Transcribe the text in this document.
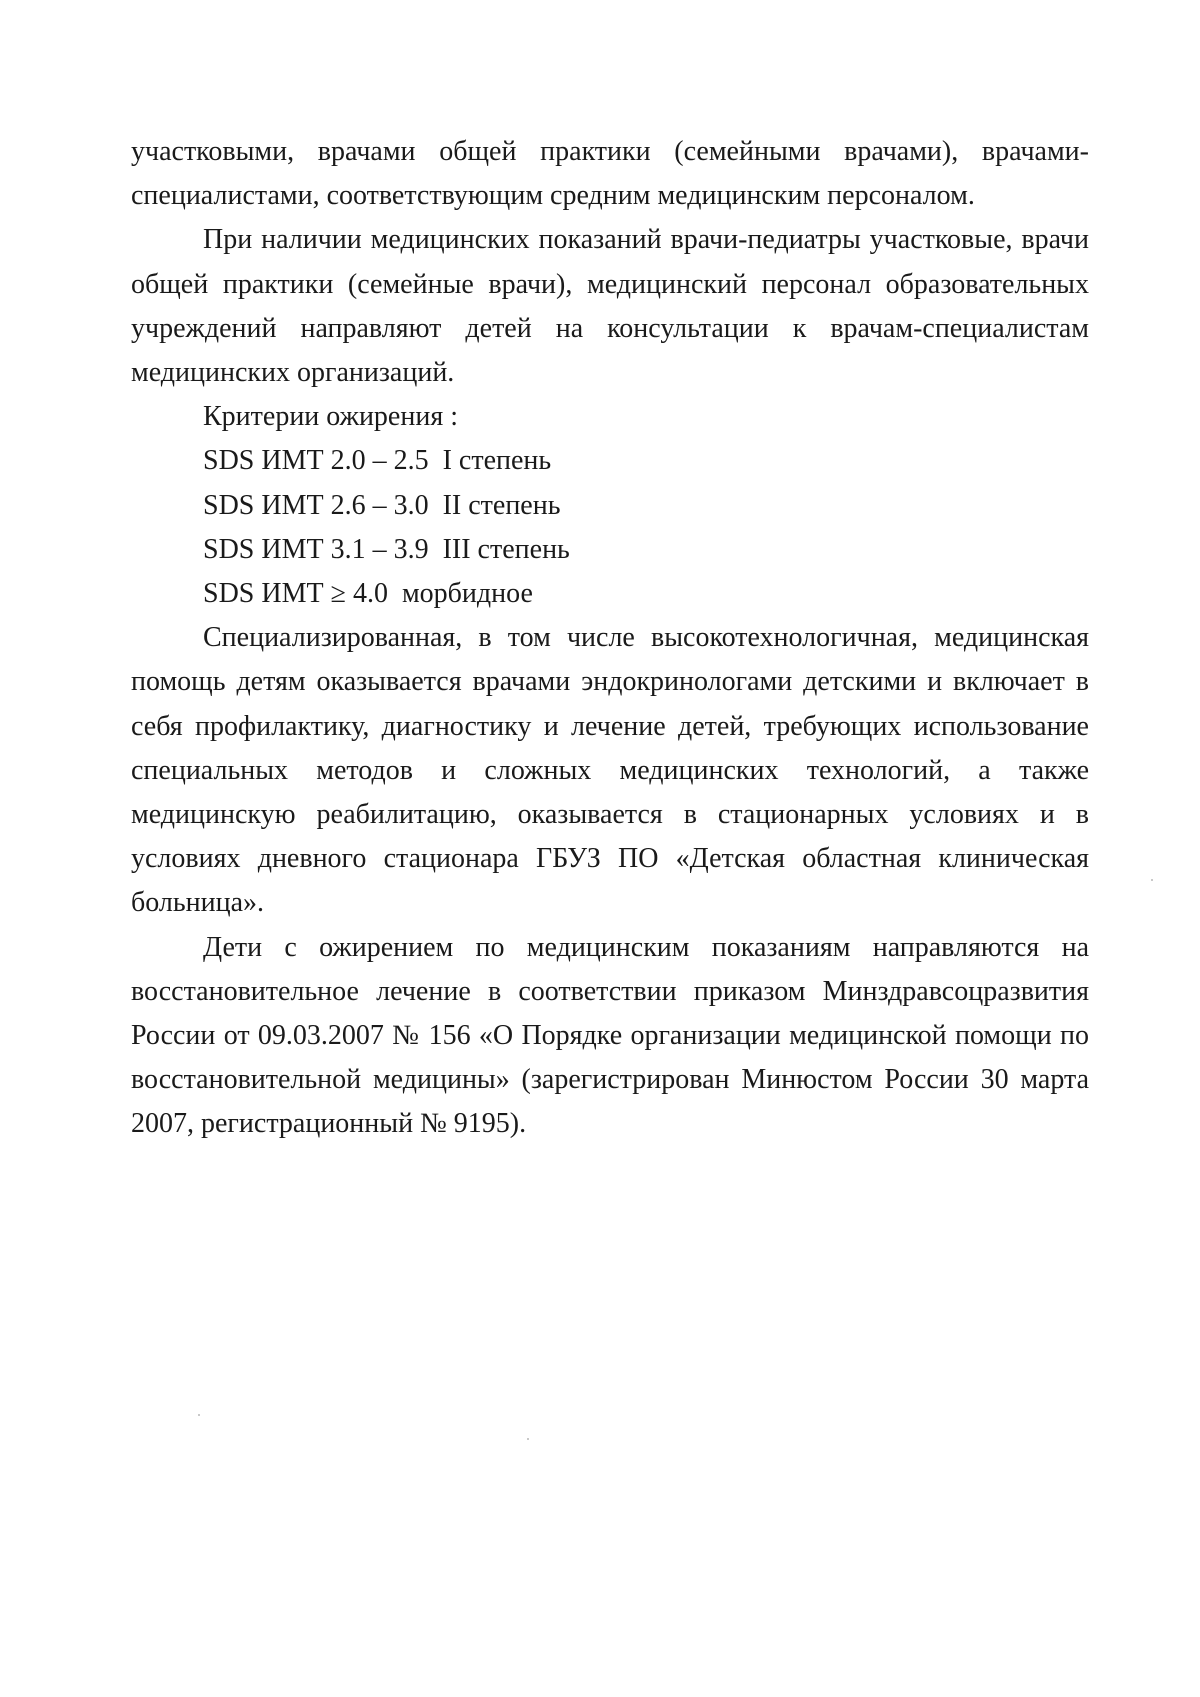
участковыми, врачами общей практики (семейными врачами), врачами-специалистами, соответствующим средним медицинским персоналом.

При наличии медицинских показаний врачи-педиатры участковые, врачи общей практики (семейные врачи), медицинский персонал образовательных учреждений направляют детей на консультации к врачам-специалистам медицинских организаций.

Критерии ожирения :

SDS ИМТ 2.0 – 2.5  I степень

SDS ИМТ 2.6 – 3.0  II степень

SDS ИМТ 3.1 – 3.9  III степень

SDS ИМТ ≥ 4.0  морбидное

Специализированная, в том числе высокотехнологичная, медицинская помощь детям оказывается врачами эндокринологами детскими и включает в себя профилактику, диагностику и лечение детей, требующих использование специальных методов и сложных медицинских технологий, а также медицинскую реабилитацию, оказывается в стационарных условиях и в условиях дневного стационара ГБУЗ ПО «Детская областная клиническая больница».

Дети с ожирением по медицинским показаниям направляются на восстановительное лечение в соответствии приказом Минздравсоцразвития России от 09.03.2007 № 156 «О Порядке организации медицинской помощи по восстановительной медицины» (зарегистрирован Минюстом России 30 марта 2007, регистрационный № 9195).
